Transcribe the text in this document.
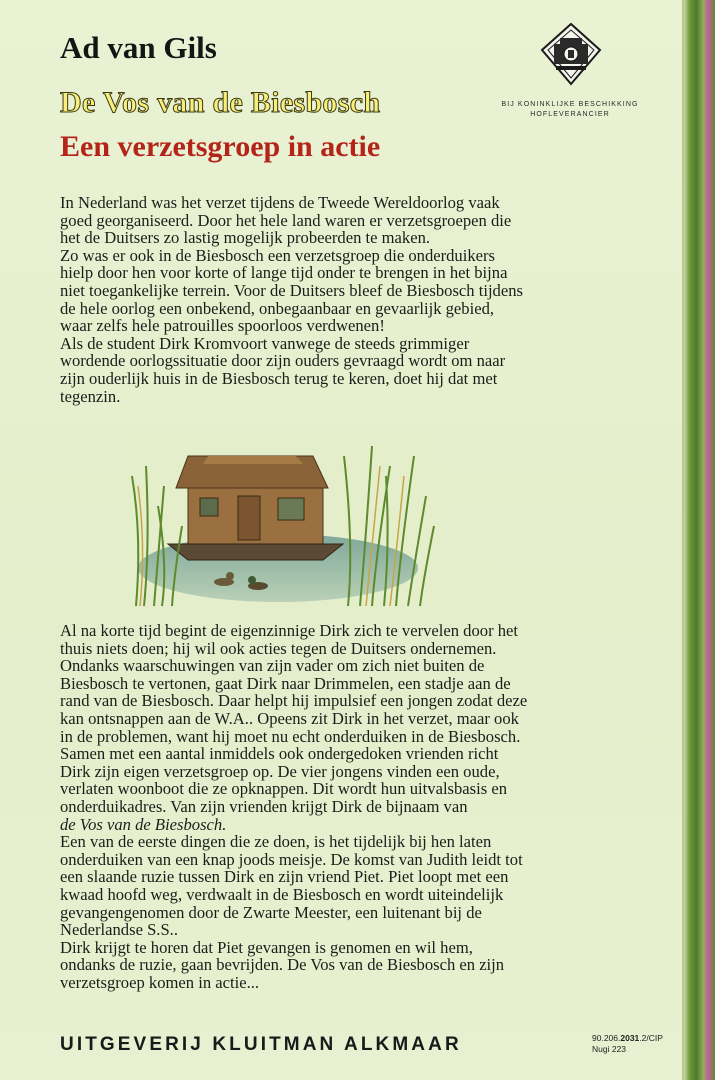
Ad van Gils
De Vos van de Biesbosch
Een verzetsgroep in actie
BIJ KONINKLIJKE BESCHIKKING
HOFLEVERANCIER
In Nederland was het verzet tijdens de Tweede Wereldoorlog vaak
goed georganiseerd. Door het hele land waren er verzetsgroepen die
het de Duitsers zo lastig mogelijk probeerden te maken.
Zo was er ook in de Biesbosch een verzetsgroep die onderduikers
hielp door hen voor korte of lange tijd onder te brengen in het bijna
niet toegankelijke terrein. Voor de Duitsers bleef de Biesbosch tijdens
de hele oorlog een onbekend, onbegaanbaar en gevaarlijk gebied,
waar zelfs hele patrouilles spoorloos verdwenen!
Als de student Dirk Kromvoort vanwege de steeds grimmiger
wordende oorlogssituatie door zijn ouders gevraagd wordt om naar
zijn ouderlijk huis in de Biesbosch terug te keren, doet hij dat met
tegenzin.
Al na korte tijd begint de eigenzinnige Dirk zich te vervelen door het
thuis niets doen; hij wil ook acties tegen de Duitsers ondernemen.
Ondanks waarschuwingen van zijn vader om zich niet buiten de
Biesbosch te vertonen, gaat Dirk naar Drimmelen, een stadje aan de
rand van de Biesbosch. Daar helpt hij impulsief een jongen zodat deze
kan ontsnappen aan de W.A.. Opeens zit Dirk in het verzet, maar ook
in de problemen, want hij moet nu echt onderduiken in de Biesbosch.
Samen met een aantal inmiddels ook ondergedoken vrienden richt
Dirk zijn eigen verzetsgroep op. De vier jongens vinden een oude,
verlaten woonboot die ze opknappen. Dit wordt hun uitvalsbasis en
onderduikadres. Van zijn vrienden krijgt Dirk de bijnaam van
de Vos van de Biesbosch.
Een van de eerste dingen die ze doen, is het tijdelijk bij hen laten
onderduiken van een knap joods meisje. De komst van Judith leidt tot
een slaande ruzie tussen Dirk en zijn vriend Piet. Piet loopt met een
kwaad hoofd weg, verdwaalt in de Biesbosch en wordt uiteindelijk
gevangengenomen door de Zwarte Meester, een luitenant bij de
Nederlandse S.S..
Dirk krijgt te horen dat Piet gevangen is genomen en wil hem,
ondanks de ruzie, gaan bevrijden. De Vos van de Biesbosch en zijn
verzetsgroep komen in actie...
UITGEVERIJ KLUITMAN ALKMAAR	90.206.2031.2/CIP
Nugi 223
